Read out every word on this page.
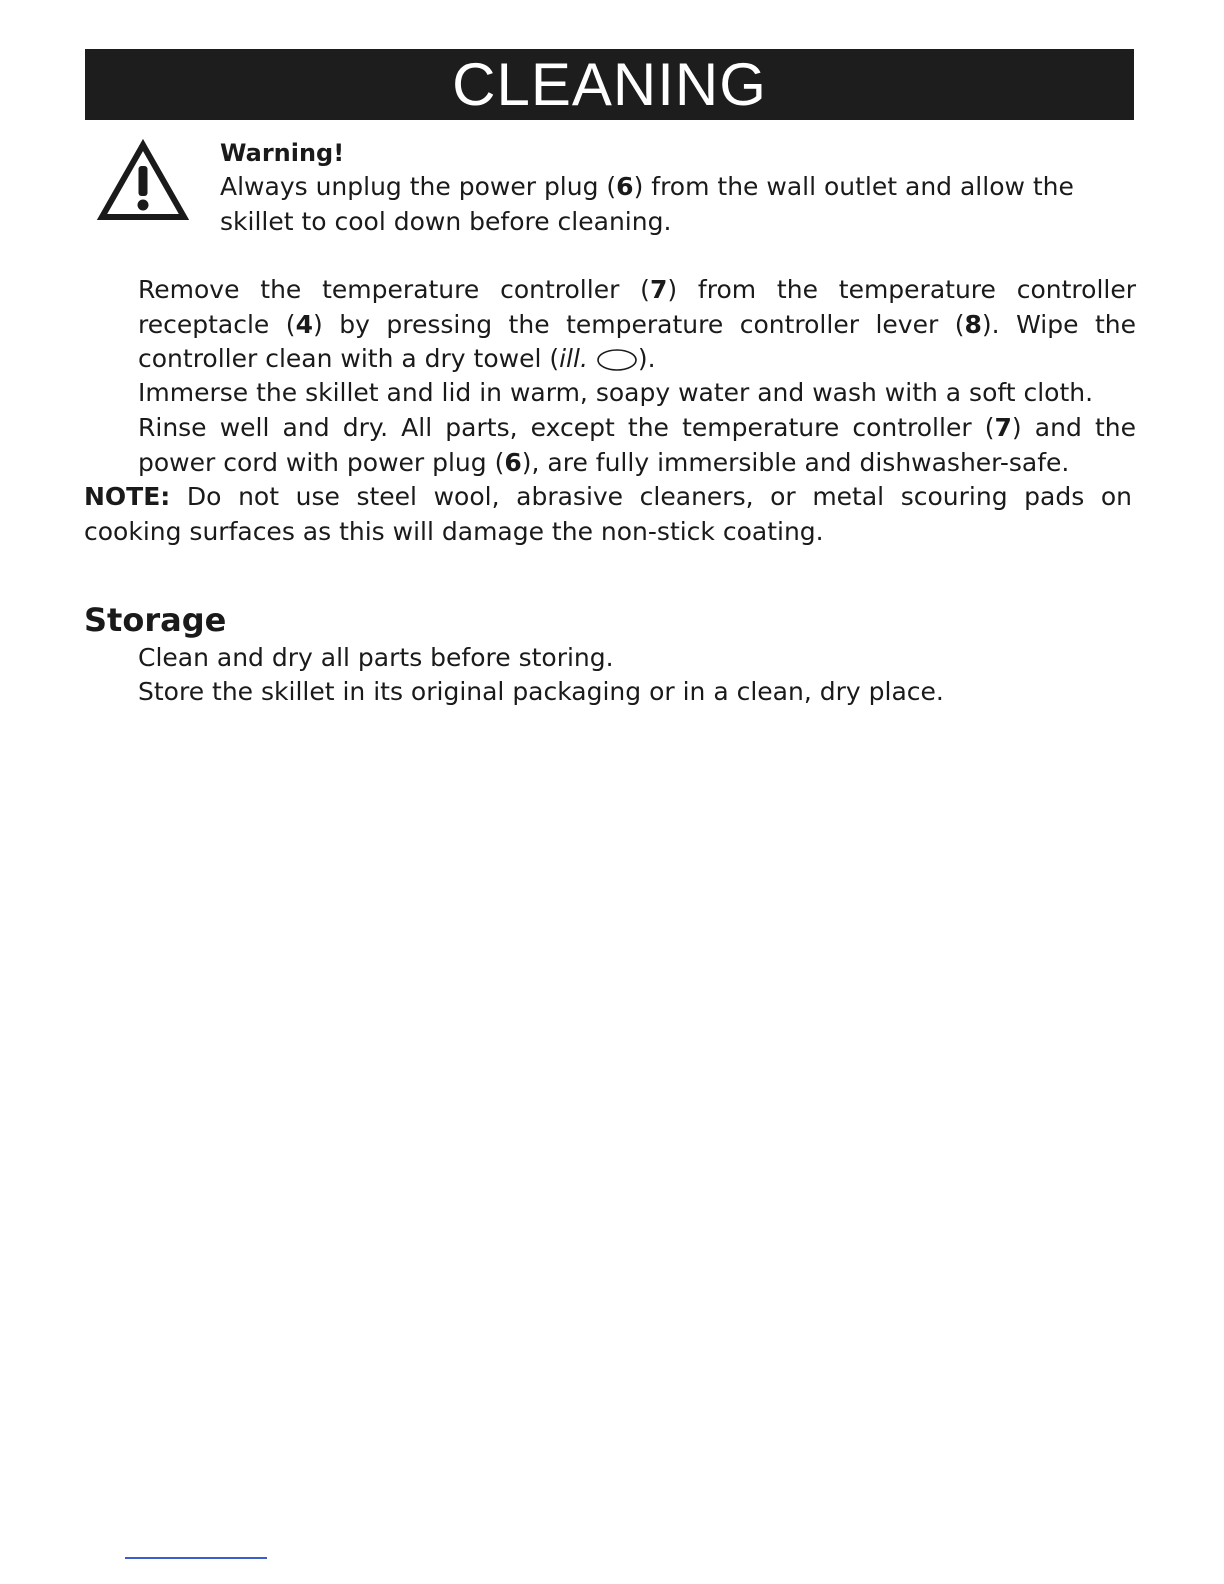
CLEANING
Warning!
Always unplug the power plug (6) from the wall outlet and allow the skillet to cool down before cleaning.
Remove the temperature controller (7) from the temperature controller receptacle (4) by pressing the temperature controller lever (8). Wipe the controller clean with a dry towel (ill. ).
Immerse the skillet and lid in warm, soapy water and wash with a soft cloth.
Rinse well and dry. All parts, except the temperature controller (7) and the power cord with power plug (6), are fully immersible and dishwasher-safe.
NOTE: Do not use steel wool, abrasive cleaners, or metal scouring pads on cooking surfaces as this will damage the non-stick coating.
Storage
Clean and dry all parts before storing.
Store the skillet in its original packaging or in a clean, dry place.
